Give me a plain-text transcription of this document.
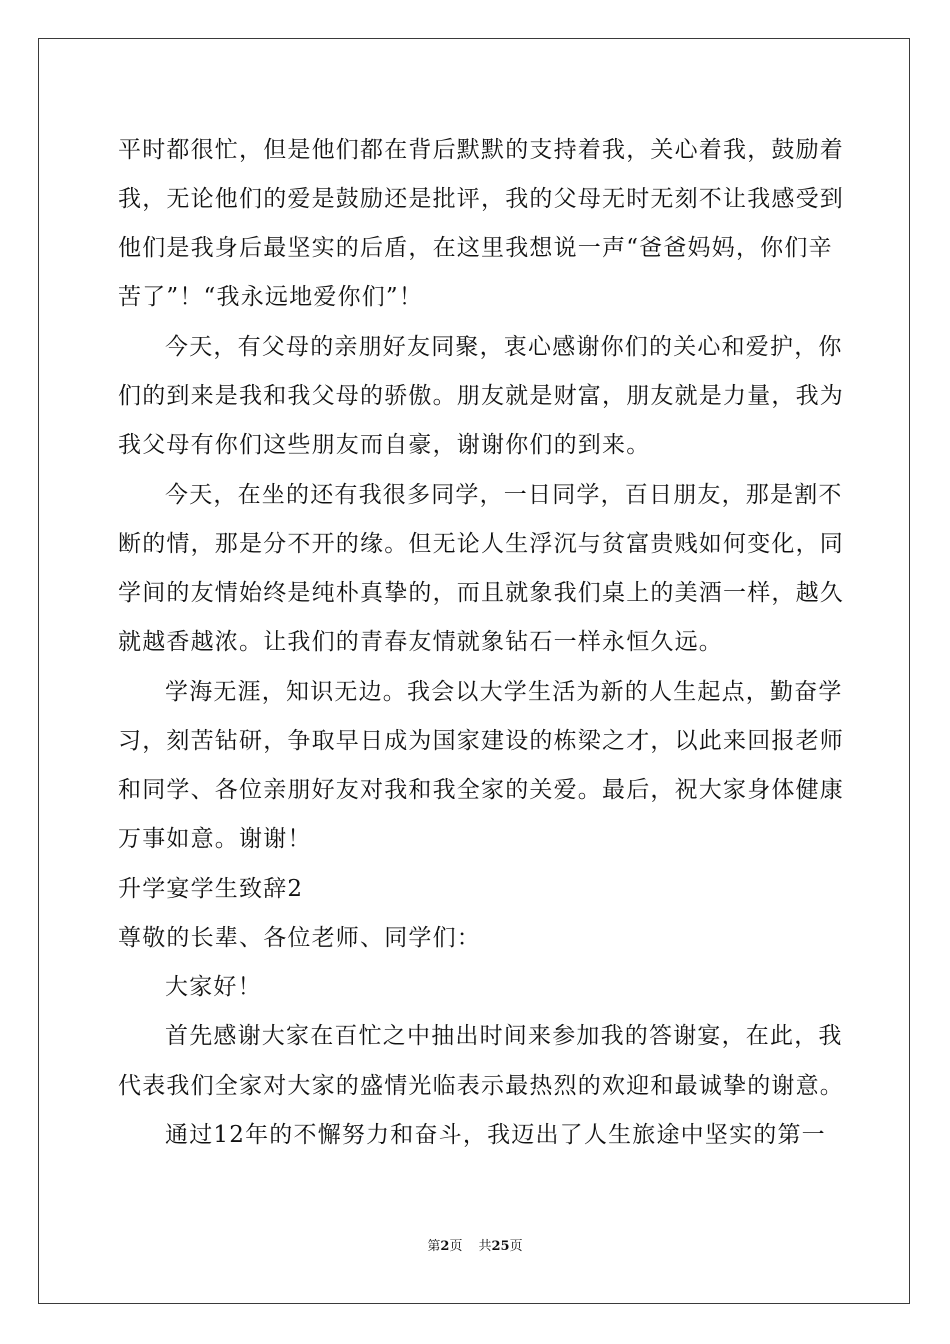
平时都很忙，但是他们都在背后默默的支持着我，关心着我，鼓励着
我，无论他们的爱是鼓励还是批评，我的父母无时无刻不让我感受到
他们是我身后最坚实的后盾，在这里我想说一声“爸爸妈妈，你们辛
苦了”！“我永远地爱你们”！
今天，有父母的亲朋好友同聚，衷心感谢你们的关心和爱护，你
们的到来是我和我父母的骄傲。朋友就是财富，朋友就是力量，我为
我父母有你们这些朋友而自豪，谢谢你们的到来。
今天，在坐的还有我很多同学，一日同学，百日朋友，那是割不
断的情，那是分不开的缘。但无论人生浮沉与贫富贵贱如何变化，同
学间的友情始终是纯朴真挚的，而且就象我们桌上的美酒一样，越久
就越香越浓。让我们的青春友情就象钻石一样永恒久远。
学海无涯，知识无边。我会以大学生活为新的人生起点，勤奋学
习，刻苦钻研，争取早日成为国家建设的栋梁之才，以此来回报老师
和同学、各位亲朋好友对我和我全家的关爱。最后，祝大家身体健康
万事如意。谢谢！
升学宴学生致辞2
尊敬的长辈、各位老师、同学们：
大家好！
首先感谢大家在百忙之中抽出时间来参加我的答谢宴，在此，我
代表我们全家对大家的盛情光临表示最热烈的欢迎和最诚挚的谢意。
通过12年的不懈努力和奋斗，我迈出了人生旅途中坚实的第一
第2页 共25页
